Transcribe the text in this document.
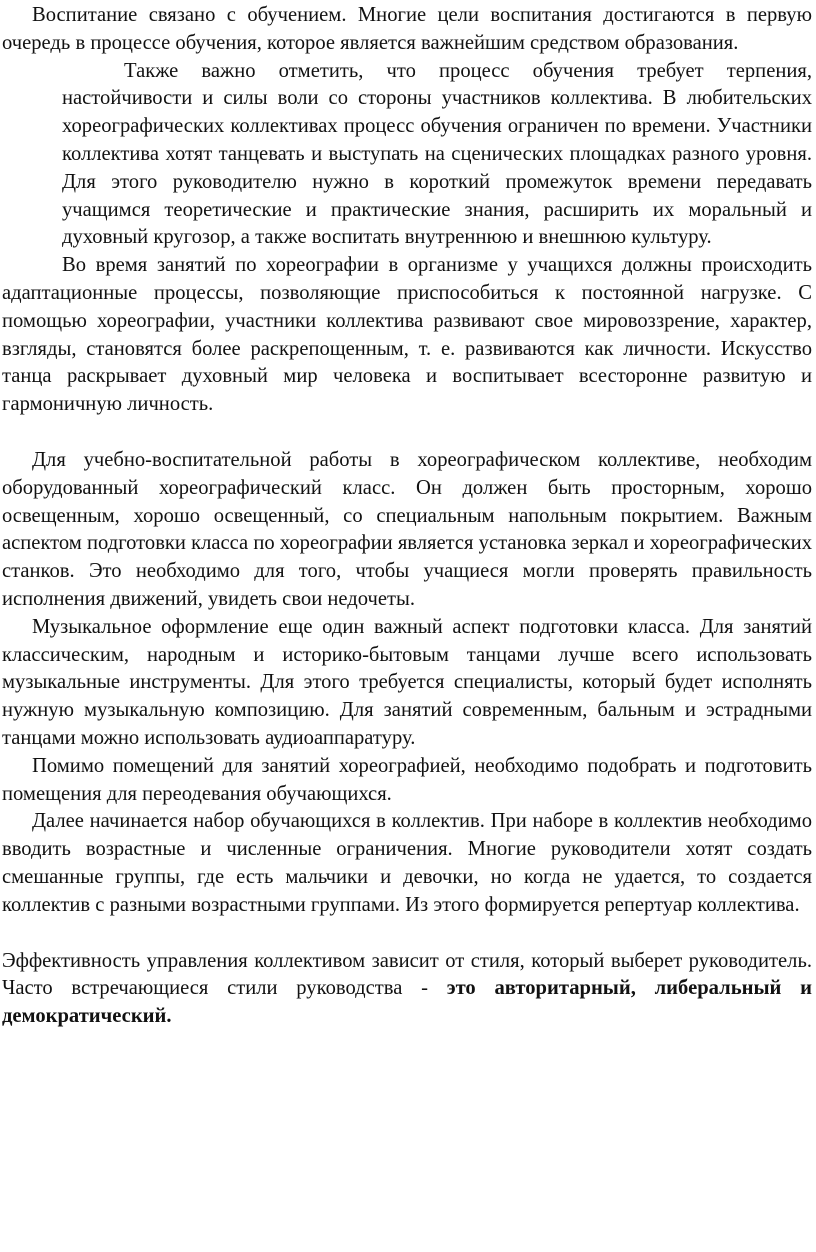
Воспитание связано с обучением. Многие цели воспитания достигаются в первую очередь в процессе обучения, которое является важнейшим средством образования.

Также важно отметить, что процесс обучения требует терпения, настойчивости и силы воли со стороны участников коллектива. В любительских хореографических коллективах процесс обучения ограничен по времени. Участники коллектива хотят танцевать и выступать на сценических площадках разного уровня. Для этого руководителю нужно в короткий промежуток времени передавать учащимся теоретические и практические знания, расширить их моральный и духовный кругозор, а также воспитать внутреннюю и внешнюю культуру.

Во время занятий по хореографии в организме у учащихся должны происходить адаптационные процессы, позволяющие приспособиться к постоянной нагрузке. С помощью хореографии, участники коллектива развивают свое мировоззрение, характер, взгляды, становятся более раскрепощенным, т. е. развиваются как личности. Искусство танца раскрывает духовный мир человека и воспитывает всесторонне развитую и гармоничную личность.

Для учебно-воспитательной работы в хореографическом коллективе, необходим оборудованный хореографический класс. Он должен быть просторным, хорошо освещенным, хорошо освещенный, со специальным напольным покрытием. Важным аспектом подготовки класса по хореографии является установка зеркал и хореографических станков. Это необходимо для того, чтобы учащиеся могли проверять правильность исполнения движений, увидеть свои недочеты.

Музыкальное оформление еще один важный аспект подготовки класса. Для занятий классическим, народным и историко-бытовым танцами лучше всего использовать музыкальные инструменты. Для этого требуется специалисты, который будет исполнять нужную музыкальную композицию. Для занятий современным, бальным и эстрадными танцами можно использовать аудиоаппаратуру.

Помимо помещений для занятий хореографией, необходимо подобрать и подготовить помещения для переодевания обучающихся.

Далее начинается набор обучающихся в коллектив. При наборе в коллектив необходимо вводить возрастные и численные ограничения. Многие руководители хотят создать смешанные группы, где есть мальчики и девочки, но когда не удается, то создается коллектив с разными возрастными группами. Из этого формируется репертуар коллектива.

Эффективность управления коллективом зависит от стиля, который выберет руководитель. Часто встречающиеся стили руководства - это авторитарный, либеральный и демократический.
